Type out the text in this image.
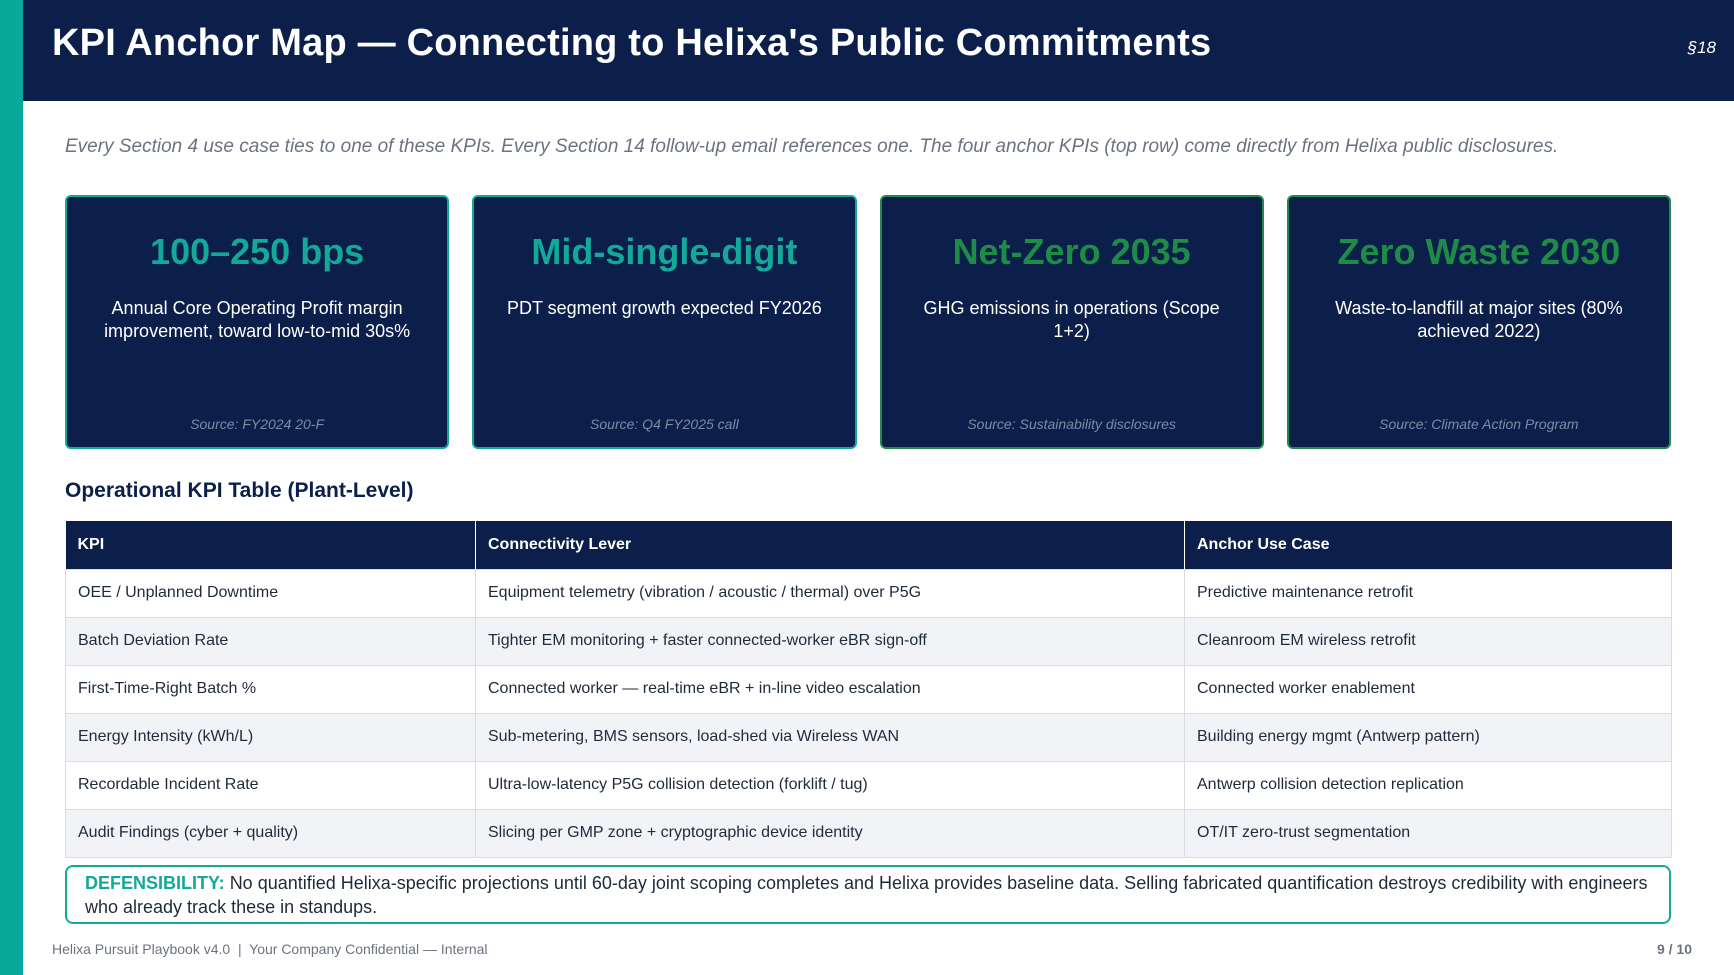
KPI Anchor Map — Connecting to Helixa's Public Commitments	§18
Every Section 4 use case ties to one of these KPIs. Every Section 14 follow-up email references one. The four anchor KPIs (top row) come directly from Helixa public disclosures.
100–250 bps
Annual Core Operating Profit margin improvement, toward low-to-mid 30s%
Source: FY2024 20-F
Mid-single-digit
PDT segment growth expected FY2026
Source: Q4 FY2025 call
Net-Zero 2035
GHG emissions in operations (Scope 1+2)
Source: Sustainability disclosures
Zero Waste 2030
Waste-to-landfill at major sites (80% achieved 2022)
Source: Climate Action Program
Operational KPI Table (Plant-Level)
KPI	Connectivity Lever	Anchor Use Case
OEE / Unplanned Downtime	Equipment telemetry (vibration / acoustic / thermal) over P5G	Predictive maintenance retrofit
Batch Deviation Rate	Tighter EM monitoring + faster connected-worker eBR sign-off	Cleanroom EM wireless retrofit
First-Time-Right Batch %	Connected worker — real-time eBR + in-line video escalation	Connected worker enablement
Energy Intensity (kWh/L)	Sub-metering, BMS sensors, load-shed via Wireless WAN	Building energy mgmt (Antwerp pattern)
Recordable Incident Rate	Ultra-low-latency P5G collision detection (forklift / tug)	Antwerp collision detection replication
Audit Findings (cyber + quality)	Slicing per GMP zone + cryptographic device identity	OT/IT zero-trust segmentation
DEFENSIBILITY: No quantified Helixa-specific projections until 60-day joint scoping completes and Helixa provides baseline data. Selling fabricated quantification destroys credibility with engineers who already track these in standups.
Helixa Pursuit Playbook v4.0  |  Your Company Confidential — Internal	9 / 10
